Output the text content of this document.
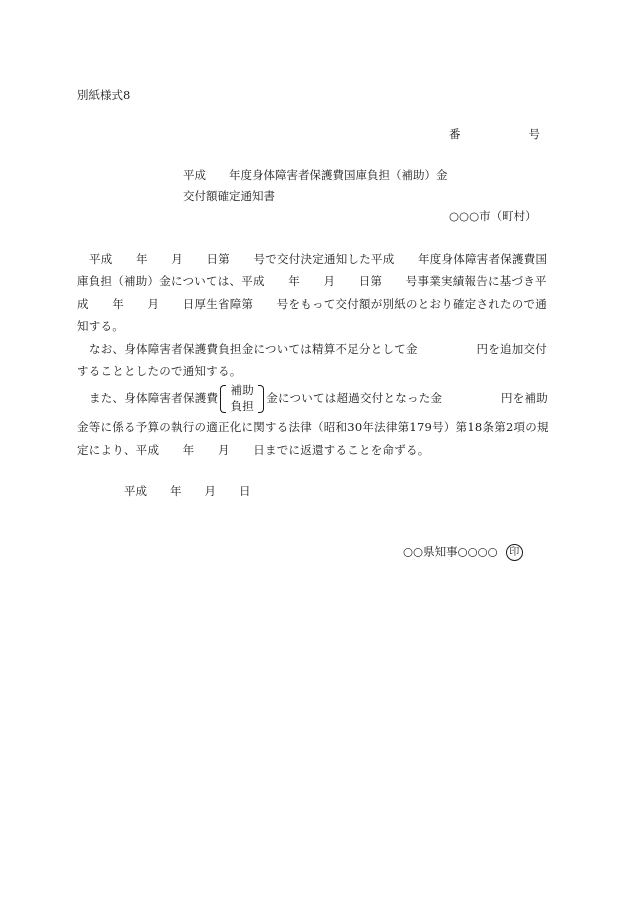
別紙様式8
番	号
平成　　年度身体障害者保護費国庫負担（補助）金
交付額確定通知書
○○○市（町村）

平成　　年　　月　　日第　　号で交付決定通知した平成　　年度身体障害者保護費国庫負担（補助）金については、平成　　年　　月　　日第　　号事業実績報告に基づき平成　　年　　月　　日厚生省障第　　号をもって交付額が別紙のとおり確定されたので通知する。

なお、身体障害者保護費負担金については精算不足分として金　　　　　円を追加交付することとしたので通知する。

また、身体障害者保護費
補助
負担
金については超過交付となった金　　　　　円を補助金等に係る予算の執行の適正化に関する法律（昭和30年法律第179号）第18条第2項の規定により、平成　　年　　月　　日までに返還することを命ずる。

平成　　年　　月　　日
○○県知事○○○○ 印
